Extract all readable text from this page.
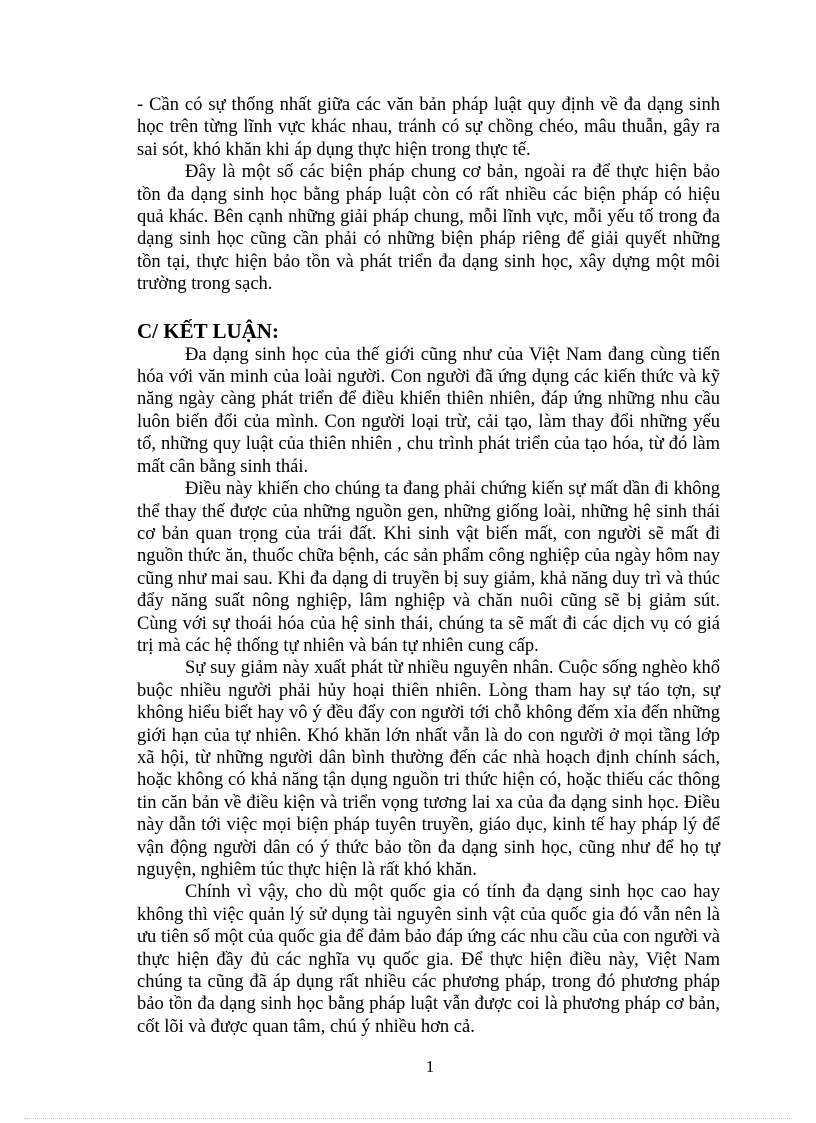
- Cần có sự thống nhất giữa các văn bản pháp luật quy định về đa dạng sinh học trên từng lĩnh vực khác nhau, tránh có sự chồng chéo, mâu thuẫn, gây ra sai sót, khó khăn khi áp dụng thực hiện trong thực tế.

Đây là một số các biện pháp chung cơ bản, ngoài ra để thực hiện bảo tồn đa dạng sinh học bằng pháp luật còn có rất nhiều các biện pháp có hiệu quả khác. Bên cạnh những giải pháp chung, mỗi lĩnh vực, mỗi yếu tố trong đa dạng sinh học cũng cần phải có những biện pháp riêng để giải quyết những tồn tại, thực hiện bảo tồn và phát triển đa dạng sinh học, xây dựng một môi trường trong sạch.

C/ KẾT LUẬN:

Đa dạng sinh học của thế giới cũng như của Việt Nam đang cùng tiến hóa với văn minh của loài người. Con người đã ứng dụng các kiến thức và kỹ năng ngày càng phát triển để điều khiển thiên nhiên, đáp ứng những nhu cầu luôn biến đổi của mình. Con người loại trừ, cải tạo, làm thay đổi những yếu tố, những quy luật của thiên nhiên , chu trình phát triển của tạo hóa, từ đó làm mất cân bằng sinh thái.

Điều này khiến cho chúng ta đang phải chứng kiến sự mất dần đi không thể thay thế được của những nguồn gen, những giống loài, những hệ sinh thái cơ bản quan trọng của trái đất. Khi sinh vật biến mất, con người sẽ mất đi nguồn thức ăn, thuốc chữa bệnh, các sản phẩm công nghiệp của ngày hôm nay cũng như mai sau. Khi đa dạng di truyền bị suy giảm, khả năng duy trì và thúc đẩy năng suất nông nghiệp, lâm nghiệp và chăn nuôi cũng sẽ bị giảm sút. Cùng với sự thoái hóa của hệ sinh thái, chúng ta sẽ mất đi các dịch vụ có giá trị mà các hệ thống tự nhiên và bán tự nhiên cung cấp.

Sự suy giảm này xuất phát từ nhiều nguyên nhân. Cuộc sống nghèo khổ buộc nhiều người phải hủy hoại thiên nhiên. Lòng tham hay sự táo tợn, sự không hiểu biết hay vô ý đều đẩy con người tới chỗ không đếm xỉa đến những giới hạn của tự nhiên. Khó khăn lớn nhất vẫn là do con người ở mọi tầng lớp xã hội, từ những người dân bình thường đến các nhà hoạch định chính sách, hoặc không có khả năng tận dụng nguồn tri thức hiện có, hoặc thiếu các thông tin căn bản về điều kiện và triển vọng tương lai xa của đa dạng sinh học. Điều này dẫn tới việc mọi biện pháp tuyên truyền, giáo dục, kinh tế hay pháp lý để vận động người dân có ý thức bảo tồn đa dạng sinh học, cũng như để họ tự nguyện, nghiêm túc thực hiện là rất khó khăn.

Chính vì vậy, cho dù một quốc gia có tính đa dạng sinh học cao hay không thì việc quản lý sử dụng tài nguyên sinh vật của quốc gia đó vẫn nên là ưu tiên số một của quốc gia để đảm bảo đáp ứng các nhu cầu của con người và thực hiện đầy đủ các nghĩa vụ quốc gia. Để thực hiện điều này, Việt Nam chúng ta cũng đã áp dụng rất nhiều các phương pháp, trong đó phương pháp bảo tồn đa dạng sinh học bằng pháp luật vẫn được coi là phương pháp cơ bản, cốt lõi và được quan tâm, chú ý nhiều hơn cả.

1
